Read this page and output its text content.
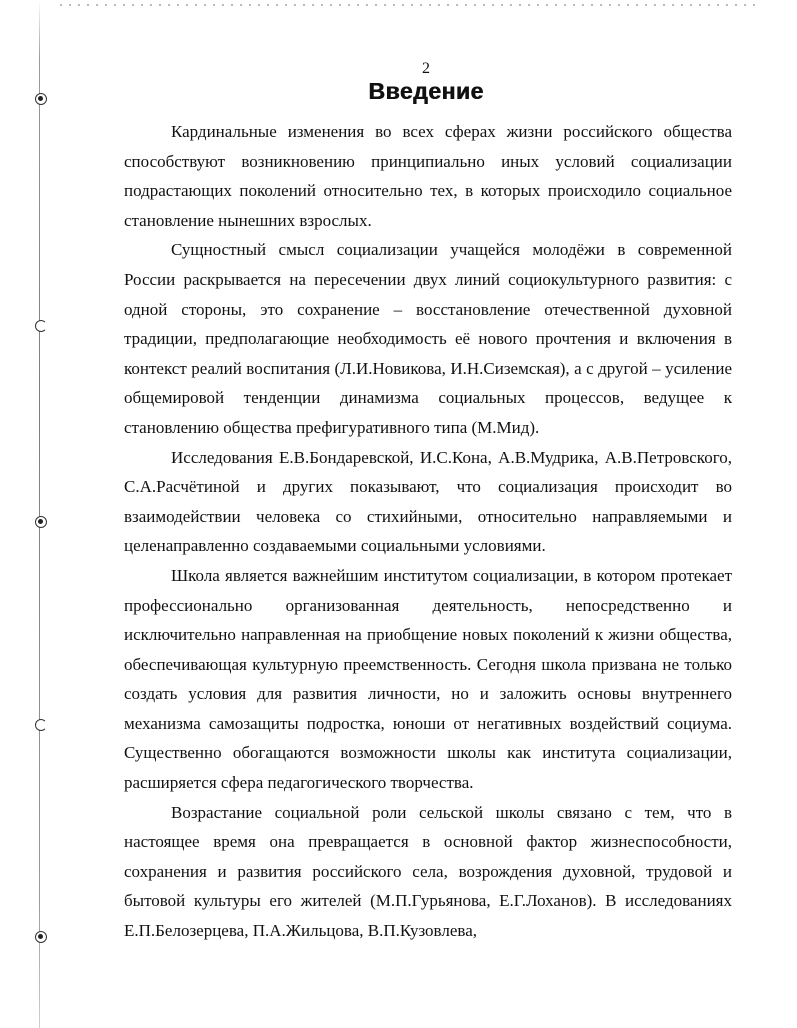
2
Введение

Кардинальные изменения во всех сферах жизни российского общества способствуют возникновению принципиально иных условий социализации подрастающих поколений относительно тех, в которых происходило социальное становление нынешних взрослых.

Сущностный смысл социализации учащейся молодёжи в современной России раскрывается на пересечении двух линий социокультурного развития: с одной стороны, это сохранение – восстановление отечественной духовной традиции, предполагающие необходимость её нового прочтения и включения в контекст реалий воспитания (Л.И.Новикова, И.Н.Сиземская), а с другой – усиление общемировой тенденции динамизма социальных процессов, ведущее к становлению общества префигуративного типа (М.Мид).

Исследования Е.В.Бондаревской, И.С.Кона, А.В.Мудрика, А.В.Петровского, С.А.Расчётиной и других показывают, что социализация происходит во взаимодействии человека со стихийными, относительно направляемыми и целенаправленно создаваемыми социальными условиями.

Школа является важнейшим институтом социализации, в котором протекает профессионально организованная деятельность, непосредственно и исключительно направленная на приобщение новых поколений к жизни общества, обеспечивающая культурную преемственность. Сегодня школа призвана не только создать условия для развития личности, но и заложить основы внутреннего механизма самозащиты подростка, юноши от негативных воздействий социума. Существенно обогащаются возможности школы как института социализации, расширяется сфера педагогического творчества.

Возрастание социальной роли сельской школы связано с тем, что в настоящее время она превращается в основной фактор жизнеспособности, сохранения и развития российского села, возрождения духовной, трудовой и бытовой культуры его жителей (М.П.Гурьянова, Е.Г.Лоханов). В исследованиях Е.П.Белозерцева, П.А.Жильцова, В.П.Кузовлева,
